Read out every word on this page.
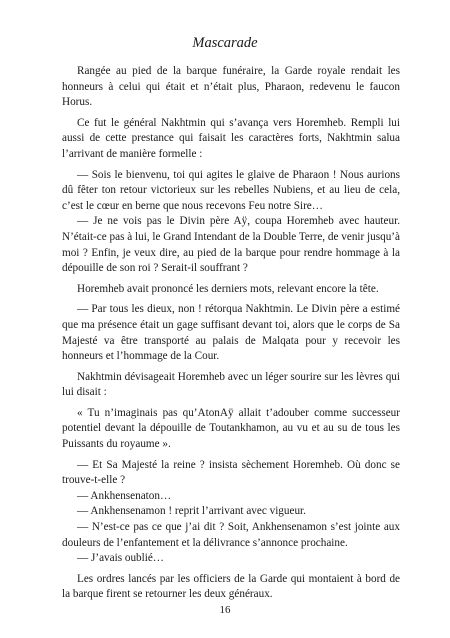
Mascarade

Rangée au pied de la barque funéraire, la Garde royale rendait les honneurs à celui qui était et n’était plus, Pharaon, redevenu le faucon Horus.

Ce fut le général Nakhtmin qui s’avança vers Horemheb. Rempli lui aussi de cette prestance qui faisait les caractères forts, Nakhtmin salua l’arrivant de manière formelle :

— Sois le bienvenu, toi qui agites le glaive de Pharaon ! Nous aurions dû fêter ton retour victorieux sur les rebelles Nubiens, et au lieu de cela, c’est le cœur en berne que nous recevons Feu notre Sire…

— Je ne vois pas le Divin père Aÿ, coupa Horemheb avec hauteur. N’était-ce pas à lui, le Grand Intendant de la Double Terre, de venir jusqu’à moi ? Enfin, je veux dire, au pied de la barque pour rendre hommage à la dépouille de son roi ? Serait-il souffrant ?

Horemheb avait prononcé les derniers mots, relevant encore la tête.

— Par tous les dieux, non ! rétorqua Nakhtmin. Le Divin père a estimé que ma présence était un gage suffisant devant toi, alors que le corps de Sa Majesté va être transporté au palais de Malqata pour y recevoir les honneurs et l’hommage de la Cour.

Nakhtmin dévisageait Horemheb avec un léger sourire sur les lèvres qui lui disait :

« Tu n’imaginais pas qu’AtonAÿ allait t’adouber comme successeur potentiel devant la dépouille de Toutankhamon, au vu et au su de tous les Puissants du royaume ».

— Et Sa Majesté la reine ? insista sèchement Horemheb. Où donc se trouve-t-elle ?

— Ankhensenaton…

— Ankhensenamon ! reprit l’arrivant avec vigueur.

— N’est-ce pas ce que j’ai dit ? Soit, Ankhensenamon s’est jointe aux douleurs de l’enfantement et la délivrance s’annonce prochaine.

— J’avais oublié…

Les ordres lancés par les officiers de la Garde qui montaient à bord de la barque firent se retourner les deux généraux.

16
